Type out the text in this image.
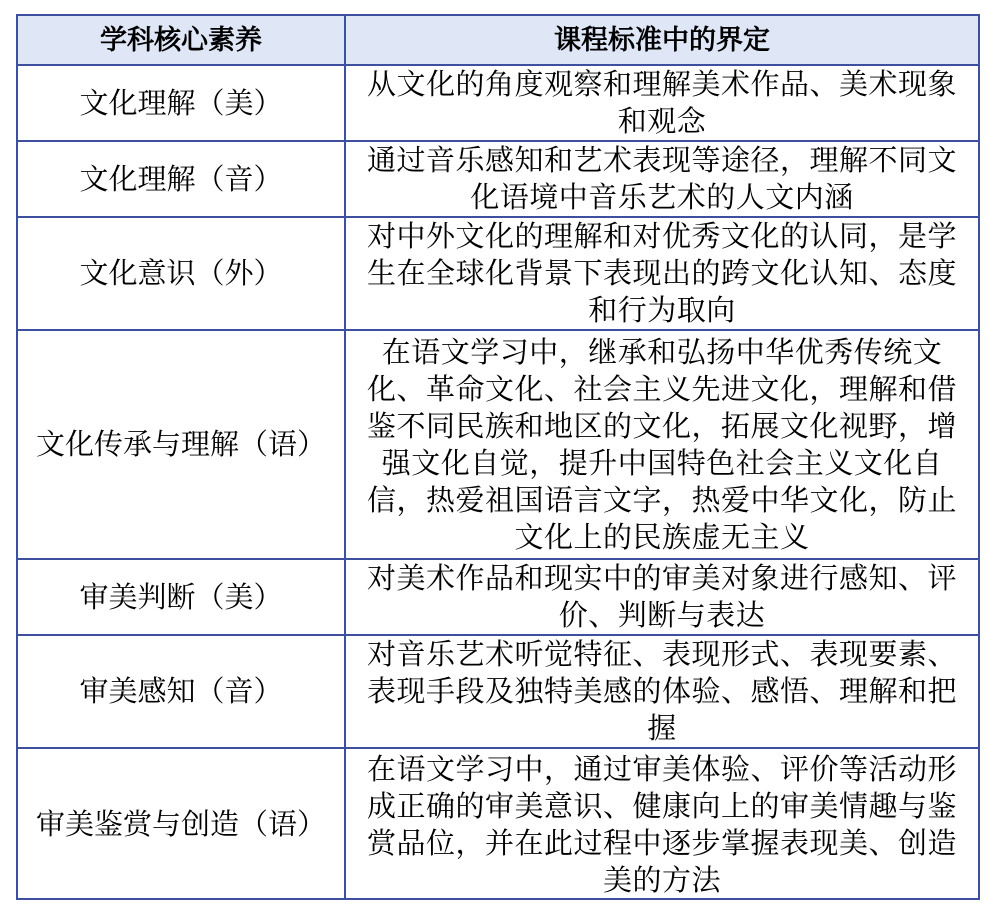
学科核心素养	课程标准中的界定
文化理解（美）
从文化的角度观察和理解美术作品、美术现象和观念
文化理解（音）
通过音乐感知和艺术表现等途径，理解不同文化语境中音乐艺术的人文内涵
文化意识（外）
对中外文化的理解和对优秀文化的认同，是学生在全球化背景下表现出的跨文化认知、态度和行为取向
文化传承与理解（语）
在语文学习中，继承和弘扬中华优秀传统文化、革命文化、社会主义先进文化，理解和借鉴不同民族和地区的文化，拓展文化视野，增强文化自觉，提升中国特色社会主义文化自信，热爱祖国语言文字，热爱中华文化，防止文化上的民族虚无主义
审美判断（美）
对美术作品和现实中的审美对象进行感知、评价、判断与表达
审美感知（音）
对音乐艺术听觉特征、表现形式、表现要素、表现手段及独特美感的体验、感悟、理解和把握
审美鉴赏与创造（语）
在语文学习中，通过审美体验、评价等活动形成正确的审美意识、健康向上的审美情趣与鉴赏品位，并在此过程中逐步掌握表现美、创造美的方法
